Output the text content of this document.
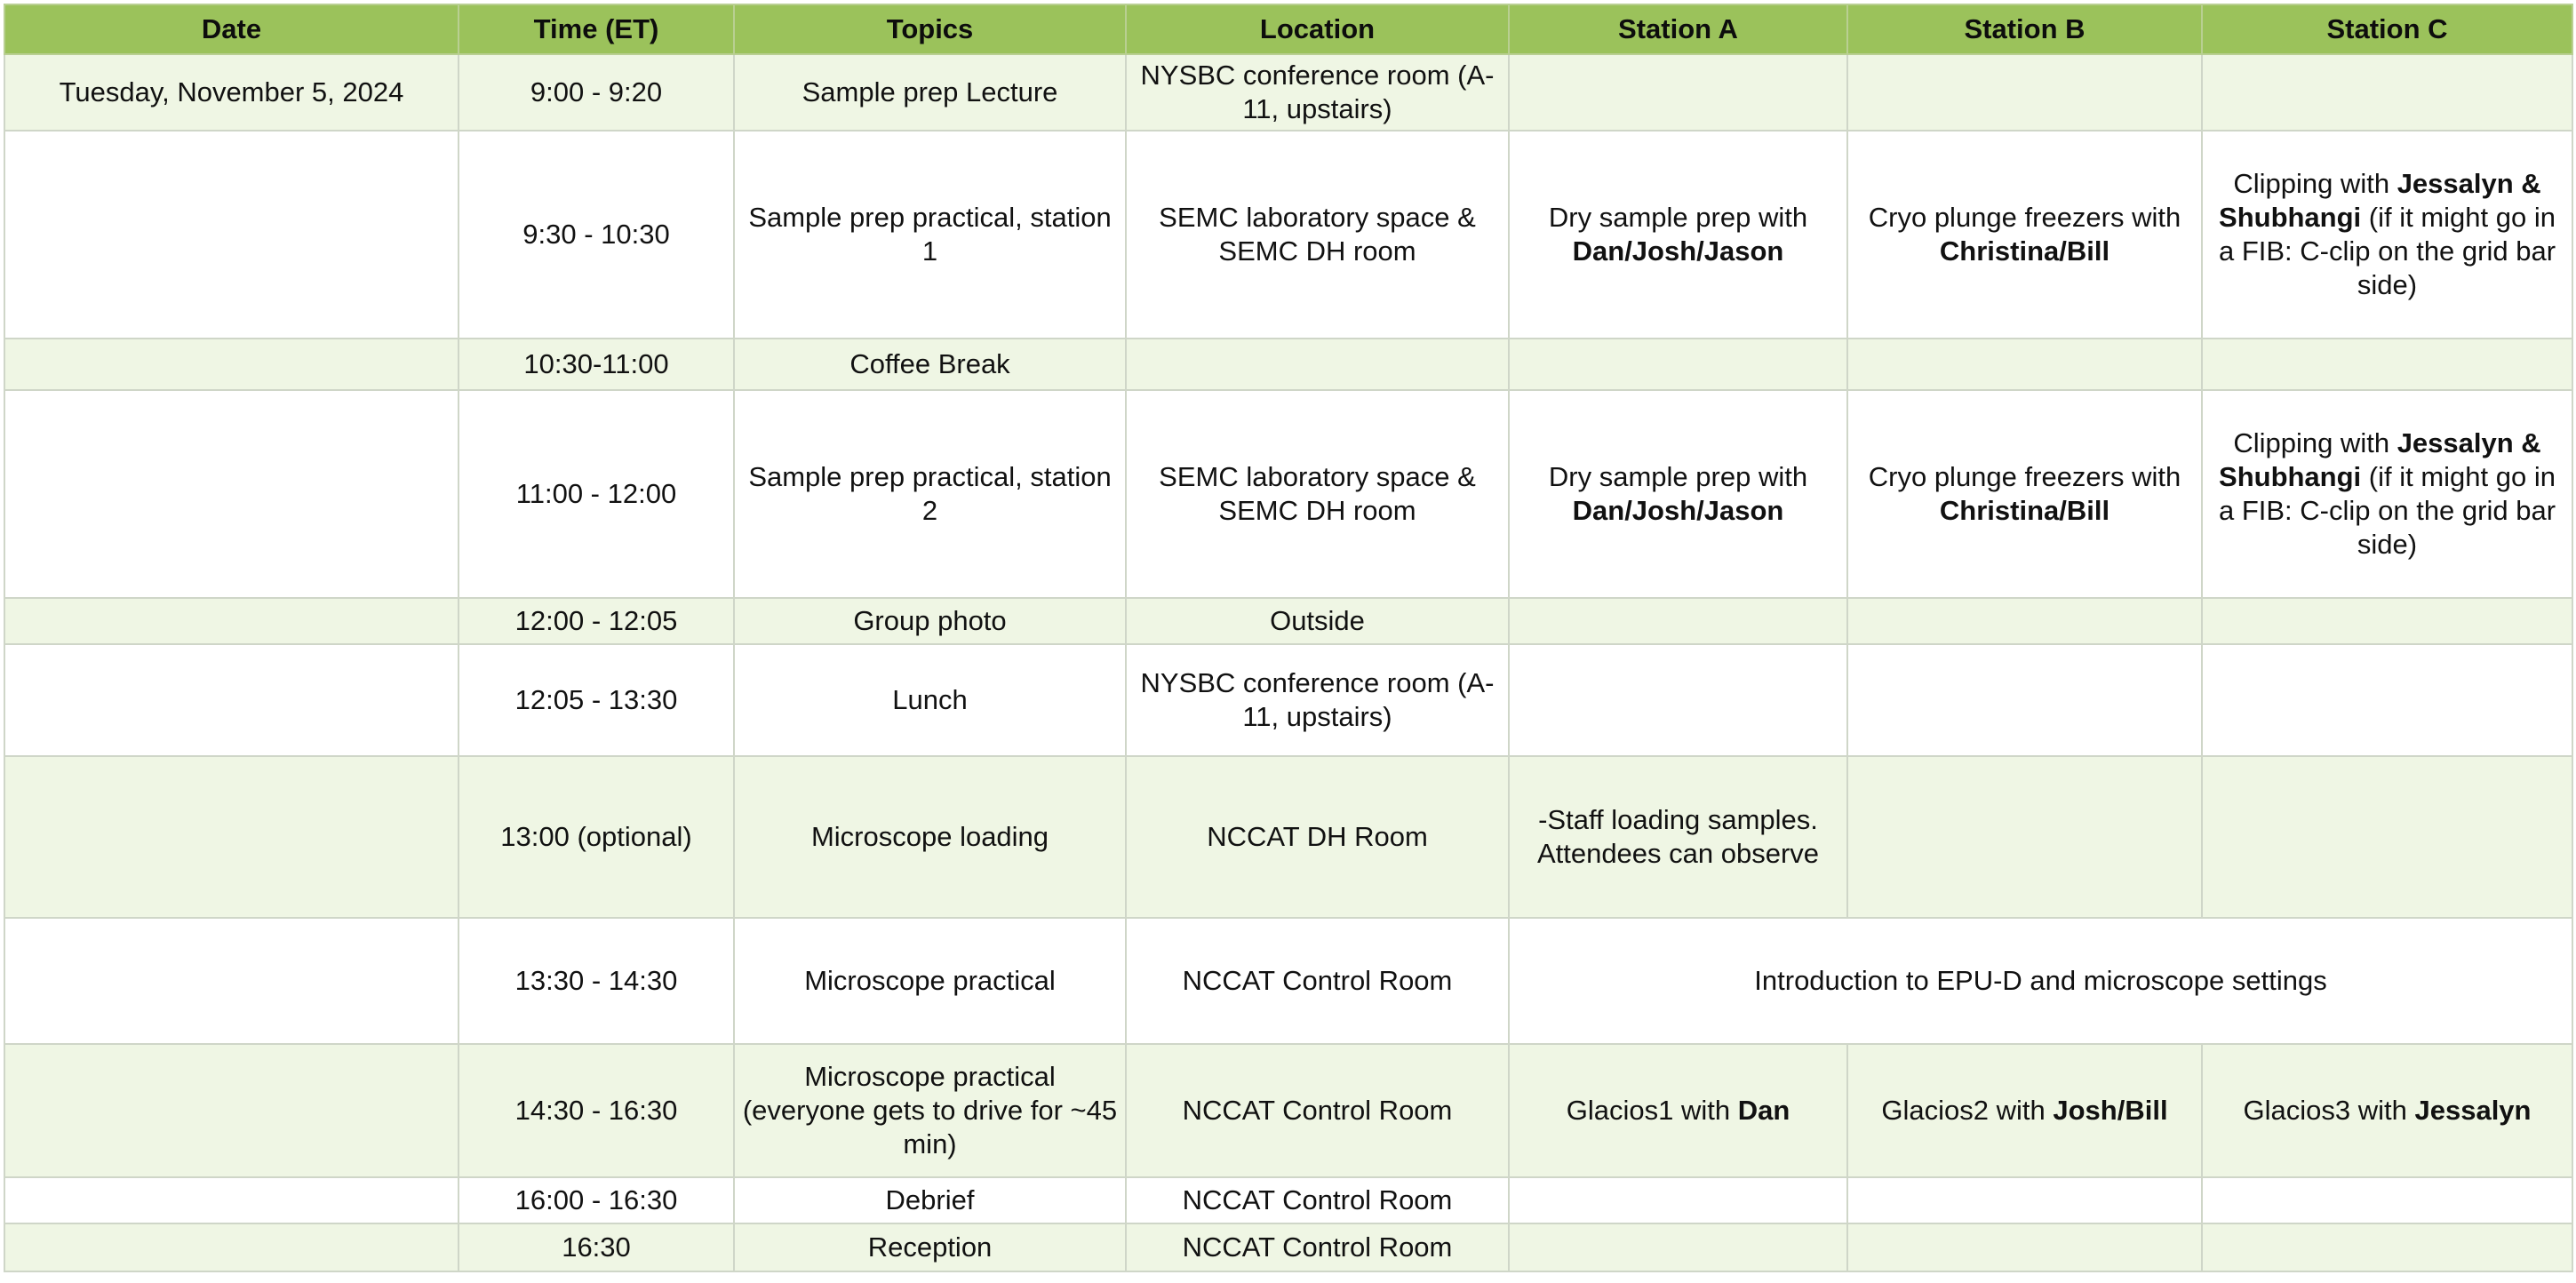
Date	Time (ET)	Topics	Location	Station A	Station B	Station C
Tuesday, November 5, 2024	9:00 - 9:20	Sample prep Lecture	NYSBC conference room (A-11, upstairs)			
	9:30 - 10:30	Sample prep practical, station 1	SEMC laboratory space & SEMC DH room	Dry sample prep with Dan/Josh/Jason	Cryo plunge freezers with Christina/Bill	Clipping with Jessalyn & Shubhangi (if it might go in a FIB: C-clip on the grid bar side)
	10:30-11:00	Coffee Break				
	11:00 - 12:00	Sample prep practical, station 2	SEMC laboratory space & SEMC DH room	Dry sample prep with Dan/Josh/Jason	Cryo plunge freezers with Christina/Bill	Clipping with Jessalyn & Shubhangi (if it might go in a FIB: C-clip on the grid bar side)
	12:00 - 12:05	Group photo	Outside			
	12:05 - 13:30	Lunch	NYSBC conference room (A-11, upstairs)			
	13:00 (optional)	Microscope loading	NCCAT DH Room	-Staff loading samples. Attendees can observe		
	13:30 - 14:30	Microscope practical	NCCAT Control Room	Introduction to EPU-D and microscope settings		
	14:30 - 16:30	Microscope practical (everyone gets to drive for ~45 min)	NCCAT Control Room	Glacios1 with Dan	Glacios2 with Josh/Bill	Glacios3 with Jessalyn
	16:00 - 16:30	Debrief	NCCAT Control Room			
	16:30	Reception	NCCAT Control Room			
